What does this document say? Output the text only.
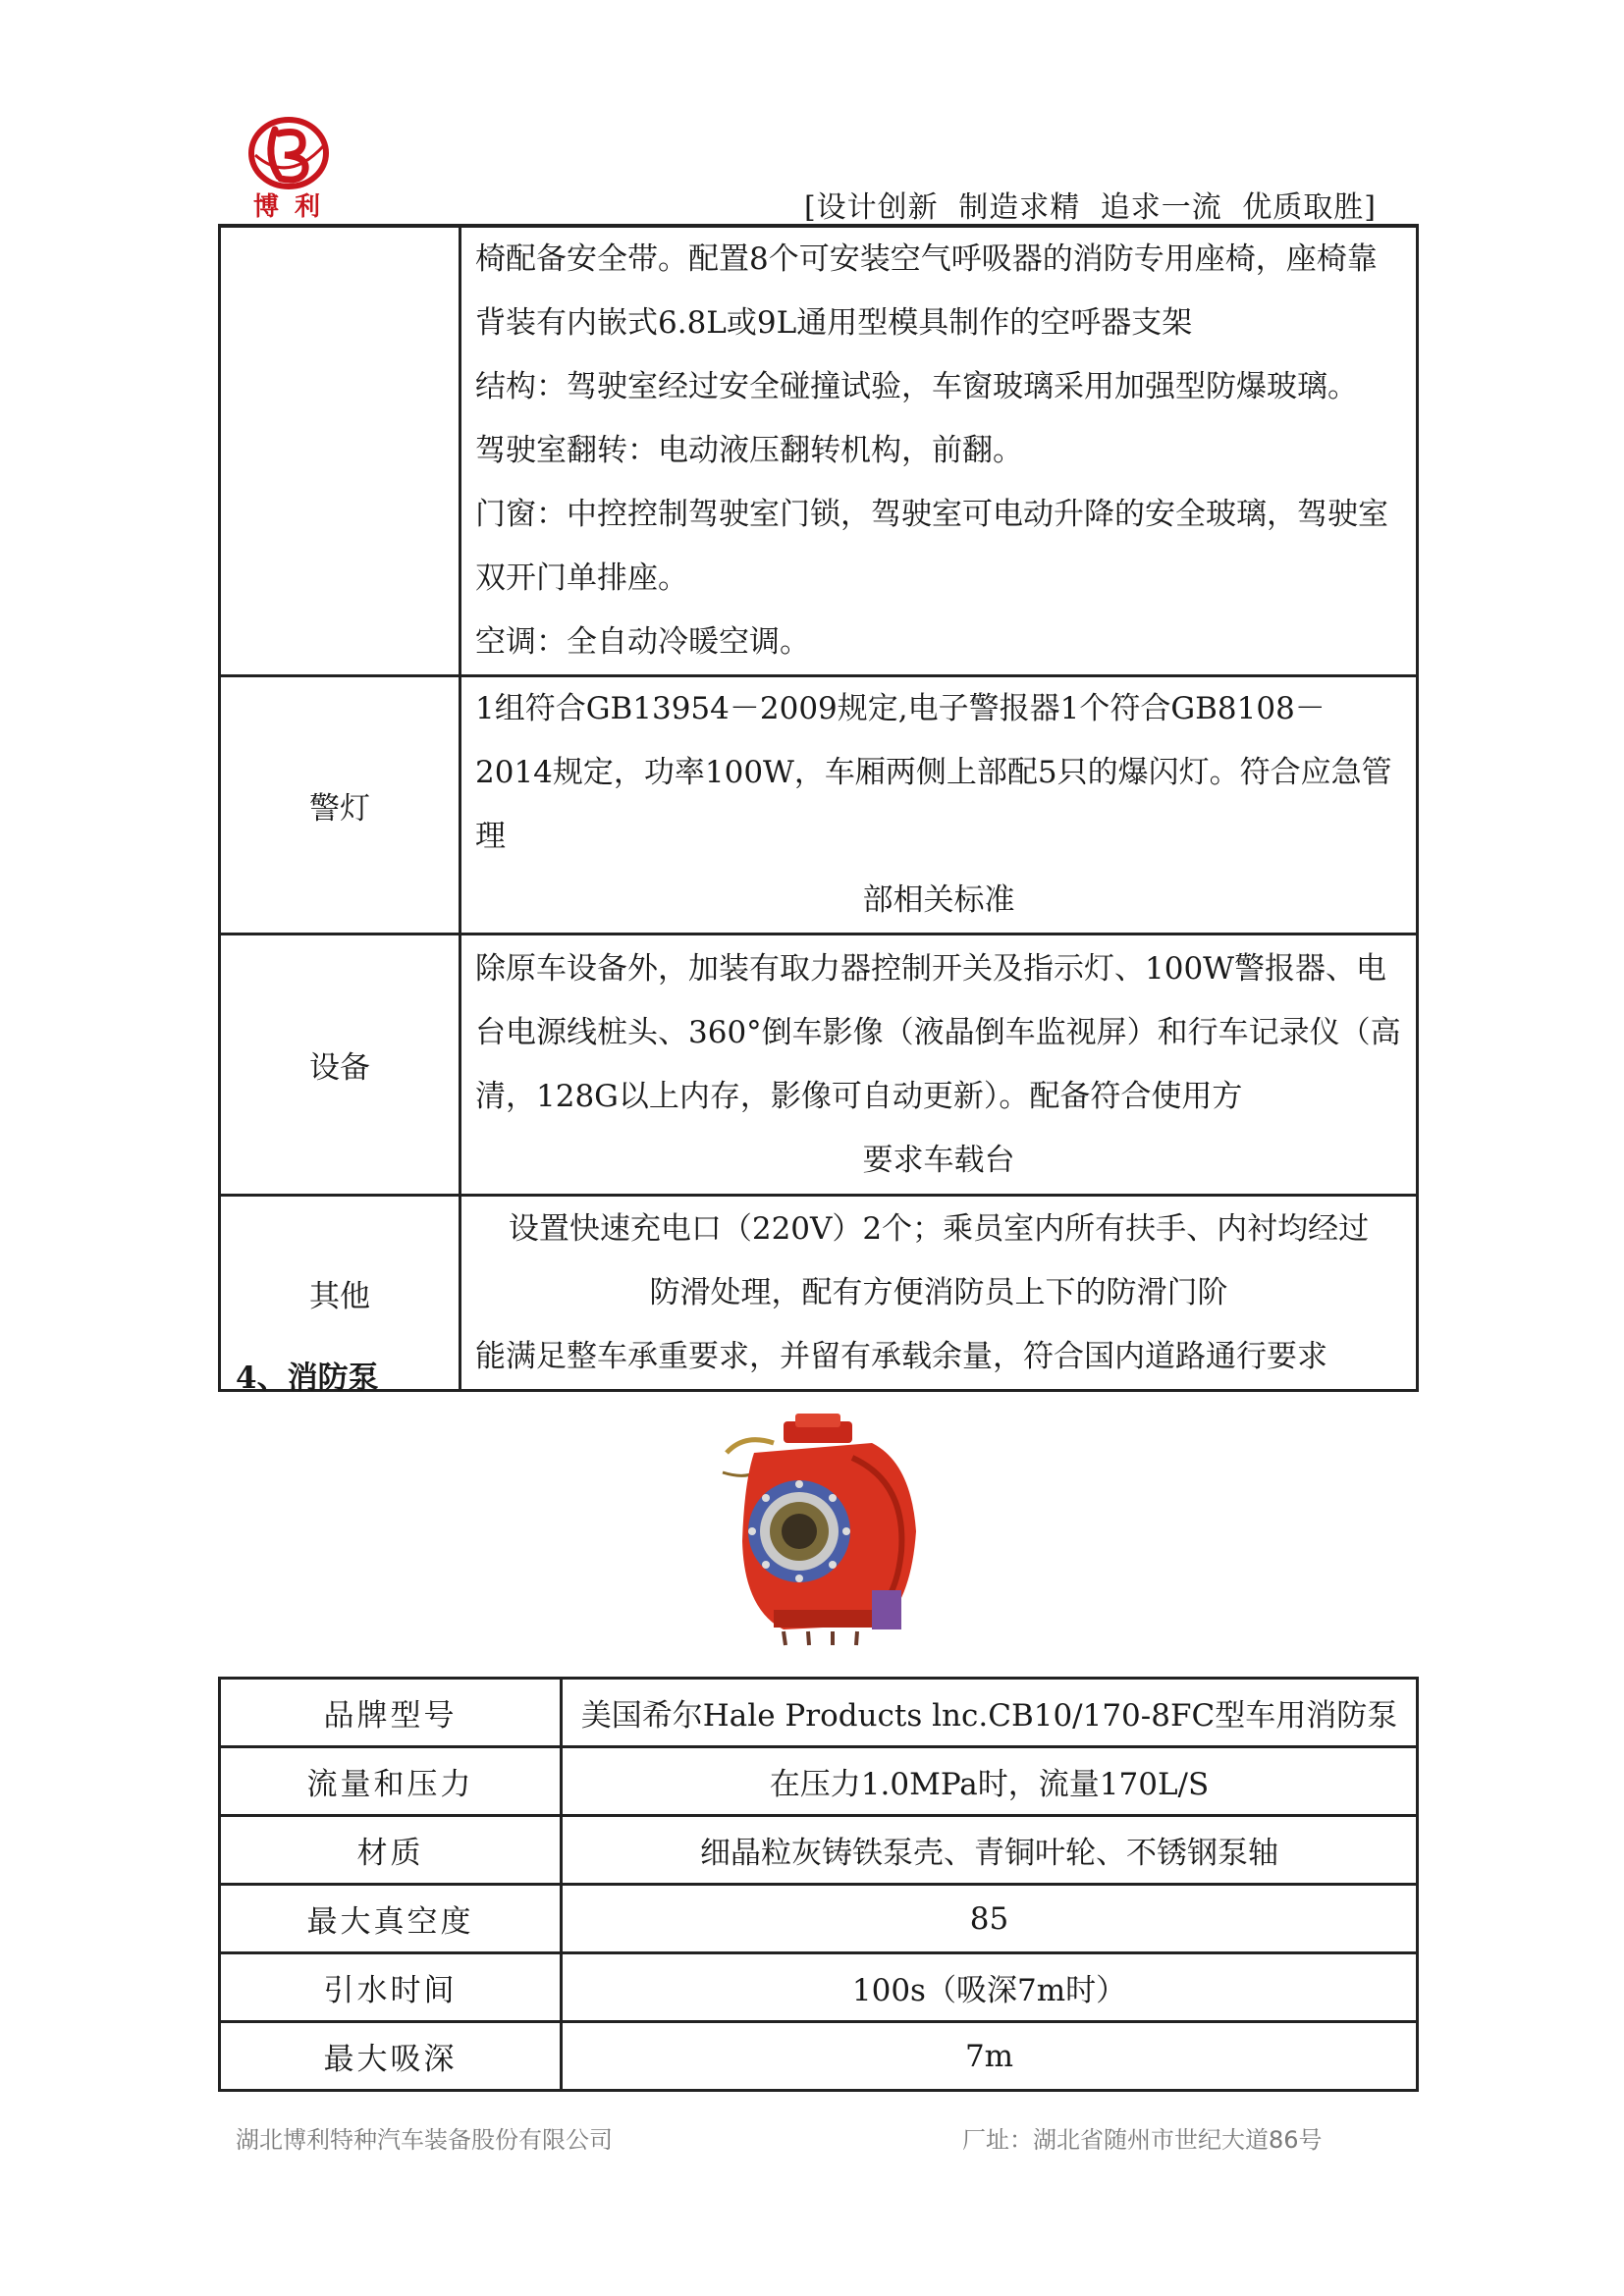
博利	[设计创新 制造求精 追求一流 优质取胜]

	椅配备安全带。配置8个可安装空气呼吸器的消防专用座椅，座椅靠背装有内嵌式6.8L或9L通用型模具制作的空呼器支架

结构：驾驶室经过安全碰撞试验，车窗玻璃采用加强型防爆玻璃。

驾驶室翻转：电动液压翻转机构，前翻。

门窗：中控控制驾驶室门锁，驾驶室可电动升降的安全玻璃，驾驶室双开门单排座。

空调：全自动冷暖空调。

警灯	1组符合GB13954－2009规定,电子警报器1个符合GB8108－2014规定，功率100W，车厢两侧上部配5只的爆闪灯。符合应急管理

部相关标准

设备	除原车设备外，加装有取力器控制开关及指示灯、100W警报器、电台电源线桩头、360°倒车影像（液晶倒车监视屏）和行车记录仪（高清，128G以上内存，影像可自动更新）。配备符合使用方

要求车载台

其他	设置快速充电口（220V）2个；乘员室内所有扶手、内衬均经过

防滑处理，配有方便消防员上下的防滑门阶

能满足整车承重要求，并留有承载余量，符合国内道路通行要求

4、消防泵
品牌型号	美国希尔Hale Products lnc.CB10/170-8FC型车用消防泵
流量和压力	在压力1.0MPa时，流量170L/S
材质	细晶粒灰铸铁泵壳、青铜叶轮、不锈钢泵轴
最大真空度	85
引水时间	100s（吸深7m时）
最大吸深	7m
湖北博利特种汽车装备股份有限公司	厂址：湖北省随州市世纪大道86号
